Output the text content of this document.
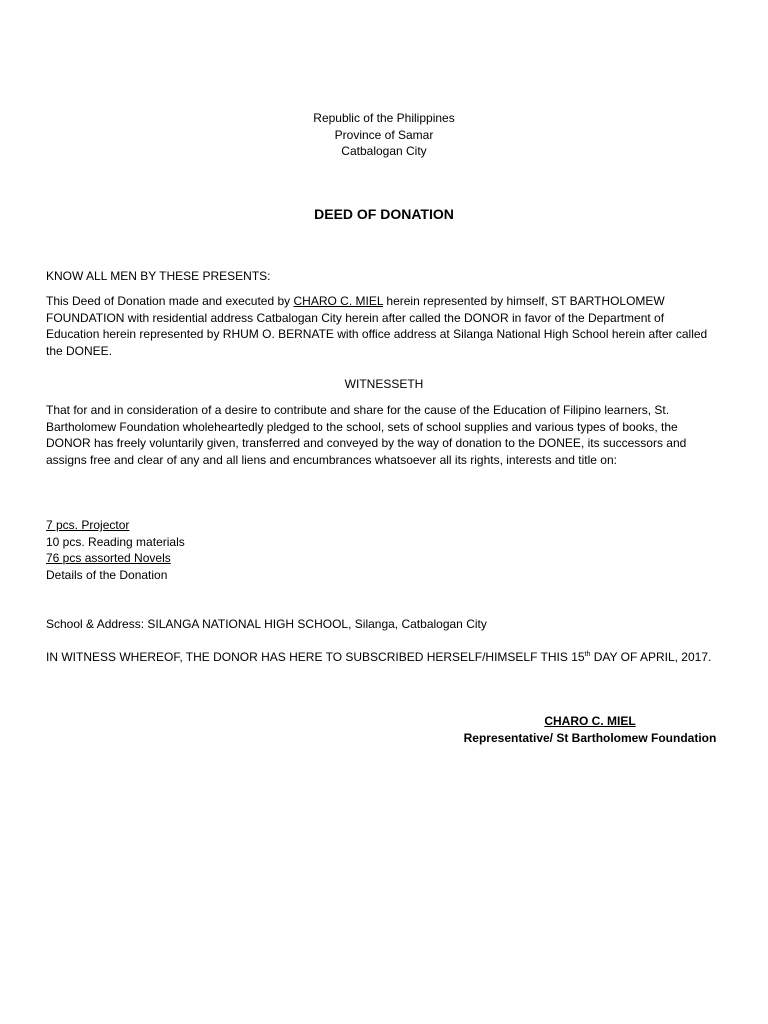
Republic of the Philippines
Province of Samar
Catbalogan City
DEED OF DONATION
KNOW ALL MEN BY THESE PRESENTS:
This Deed of Donation made and executed by CHARO C. MIEL herein represented by himself, ST BARTHOLOMEW FOUNDATION with residential address Catbalogan City herein after called the DONOR in favor of the Department of Education herein represented by RHUM O. BERNATE with office address at Silanga National High School herein after called the DONEE.
WITNESSETH
That for and in consideration of a desire to contribute and share for the cause of the Education of Filipino learners, St. Bartholomew Foundation wholeheartedly pledged to the school, sets of school supplies and various types of books, the DONOR has freely voluntarily given, transferred and conveyed by the way of donation to the DONEE, its successors and assigns free and clear of any and all liens and encumbrances whatsoever all its rights, interests and title on:
7 pcs. Projector
10 pcs. Reading materials
76 pcs assorted Novels
Details of the Donation
School & Address: SILANGA NATIONAL HIGH SCHOOL, Silanga, Catbalogan City
IN WITNESS WHEREOF, THE DONOR HAS HERE TO SUBSCRIBED HERSELF/HIMSELF THIS 15th DAY OF APRIL, 2017.
CHARO C. MIEL
Representative/ St Bartholomew Foundation
